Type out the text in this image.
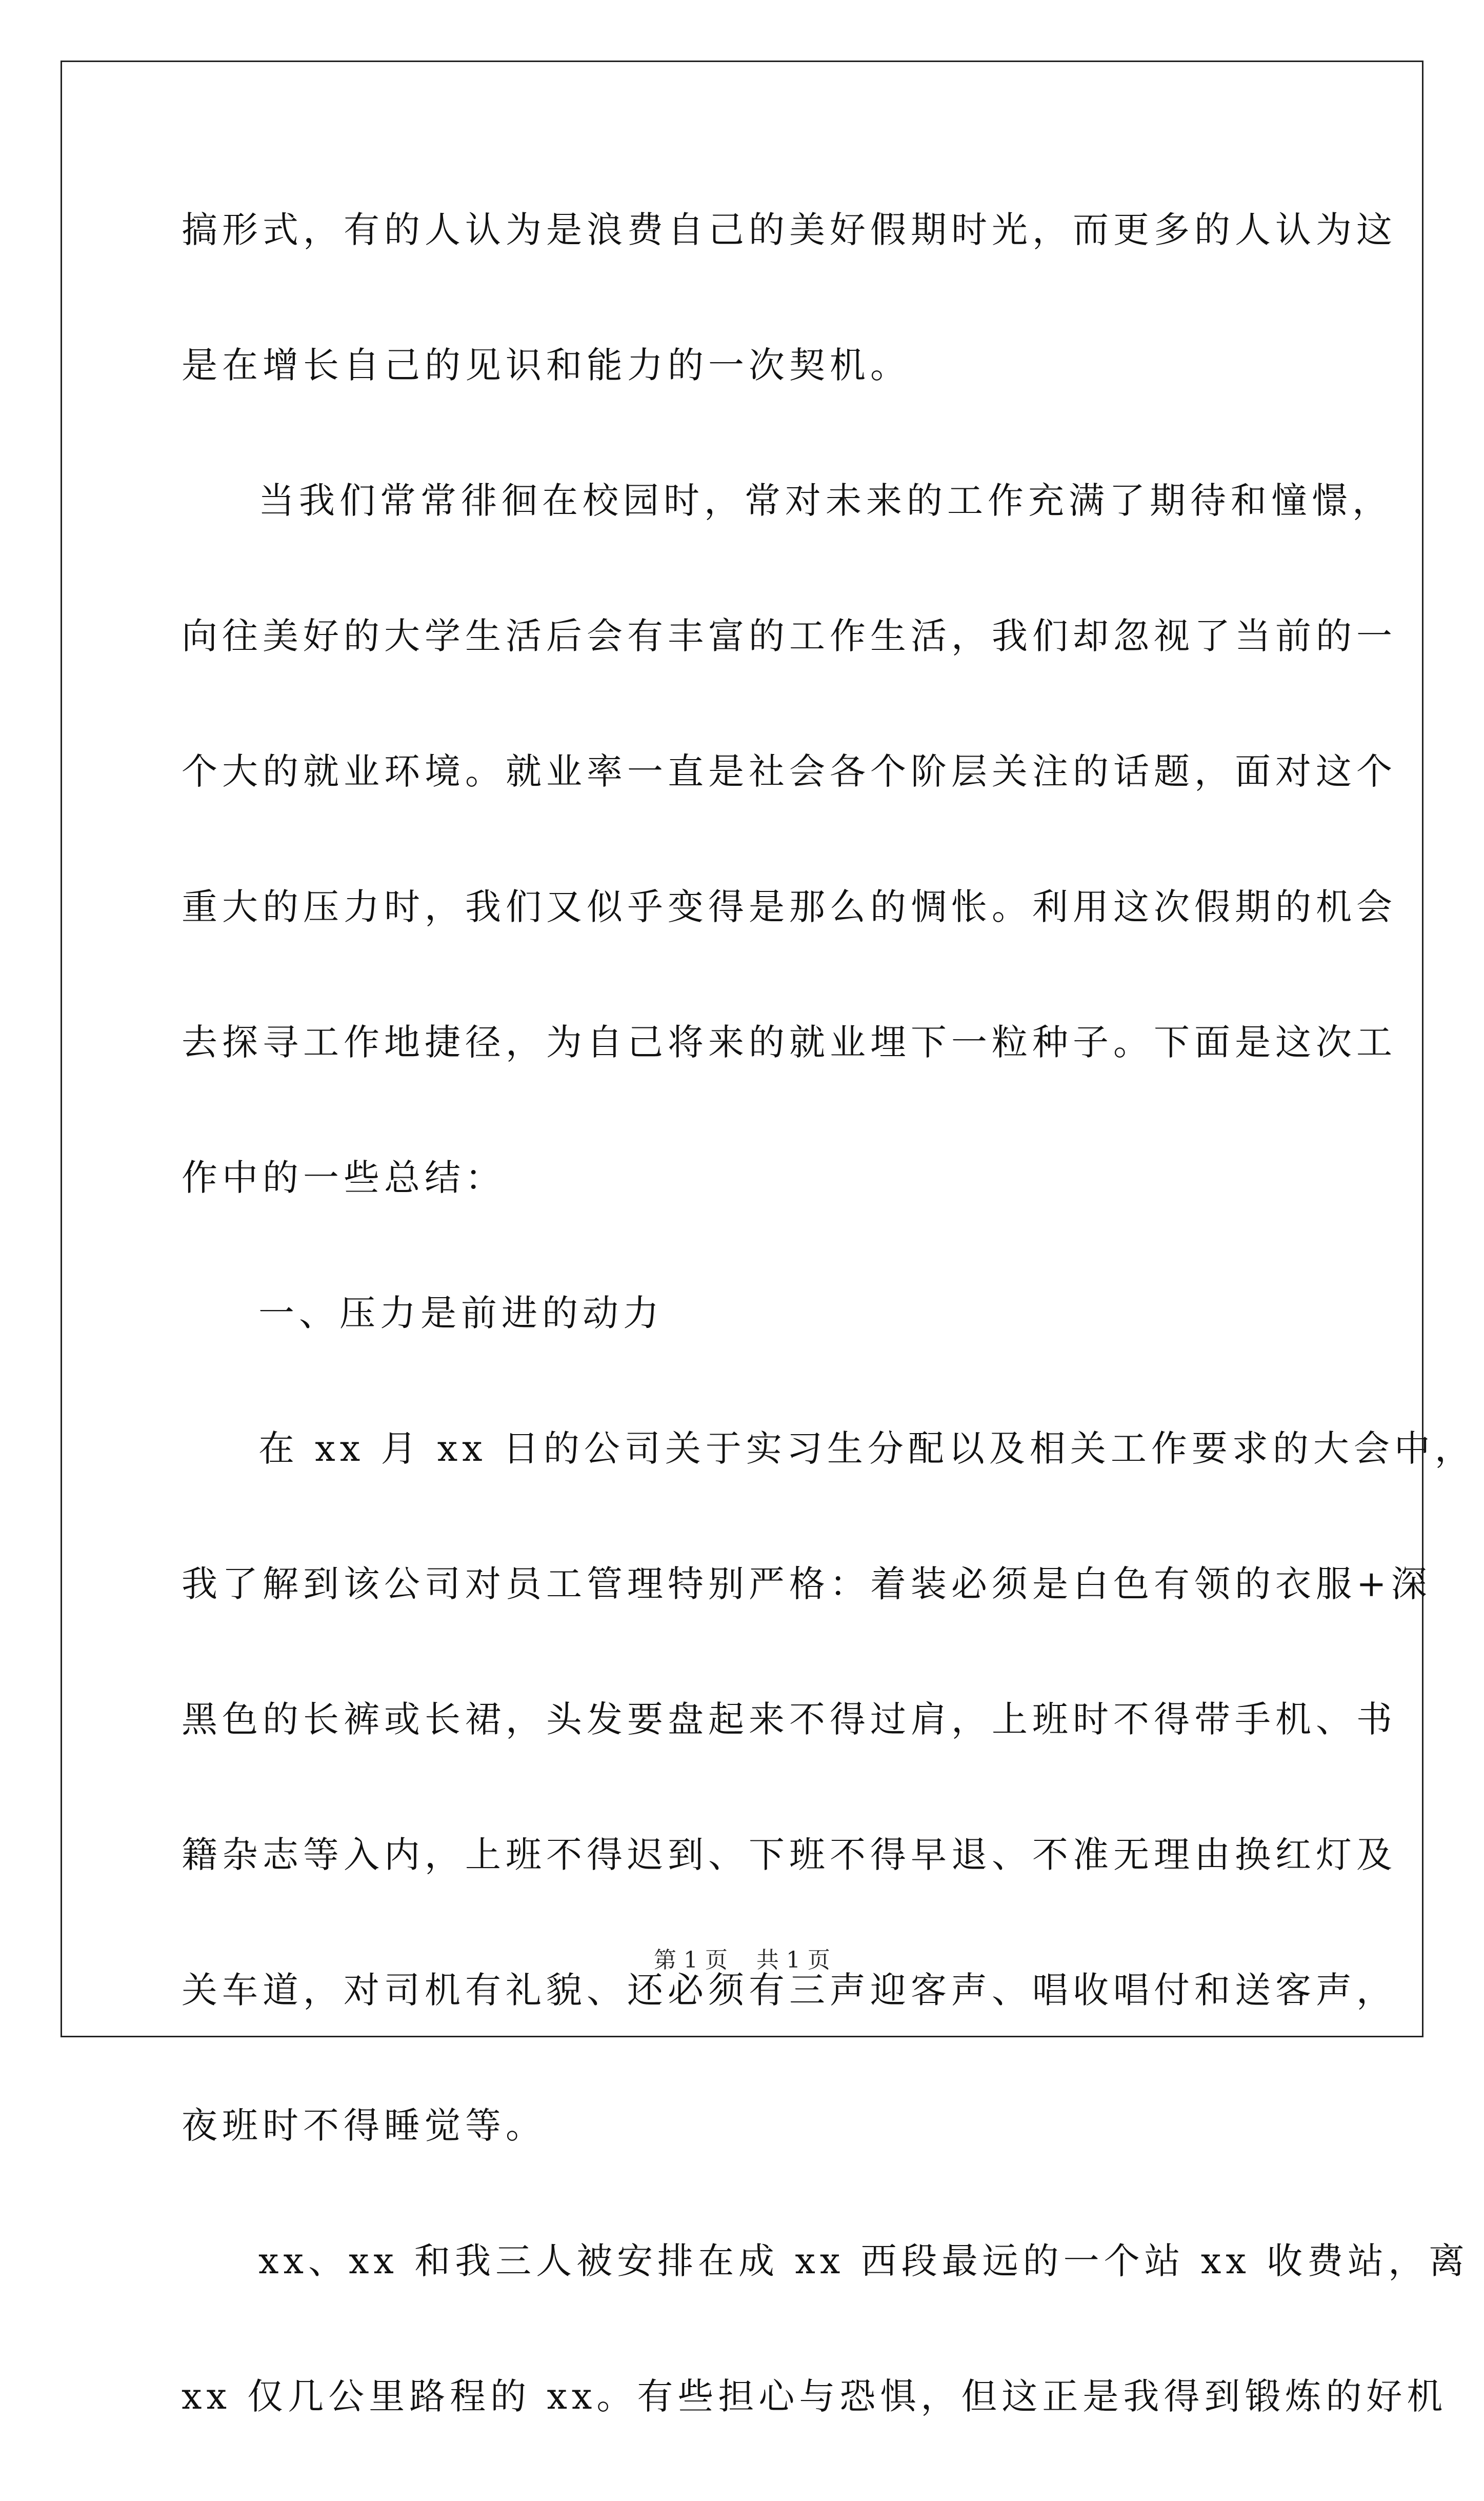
搞形式，有的人认为是浪费自己的美好假期时光，而更多的人认为这
是在增长自己的见识和能力的一次契机。
当我们常常徘徊在校园时，常对未来的工作充满了期待和憧憬，
向往美好的大学生活后会有丰富的工作生活，我们却忽视了当前的一
个大的就业环境。就业率一直是社会各个阶层关注的话题，面对这个
重大的压力时，我们又似乎变得是那么的惆怅。利用这次假期的机会
去探寻工作地捷径，为自己将来的就业埋下一粒种子。下面是这次工
作中的一些总结：
一、压力是前进的动力
在 xx 月 xx 日的公司关于实习生分配以及相关工作要求的大会中，
我了解到该公司对员工管理特别严格：着装必须是白色有领的衣服+深
黑色的长裤或长裙，头发要盘起来不得过肩，上班时不得带手机、书
籍杂志等入内，上班不得迟到、下班不得早退、不准无理由换红灯及
关车道，对司机有礼貌、还必须有三声迎客声、唱收唱付和送客声，
夜班时不得睡觉等。
xx、xx 和我三人被安排在成 xx 西段最远的一个站 xx 收费站，离
xx 仅几公里路程的 xx。有些担心与恐惧，但这正是我得到锻炼的好机
第 1 页 共 1 页
